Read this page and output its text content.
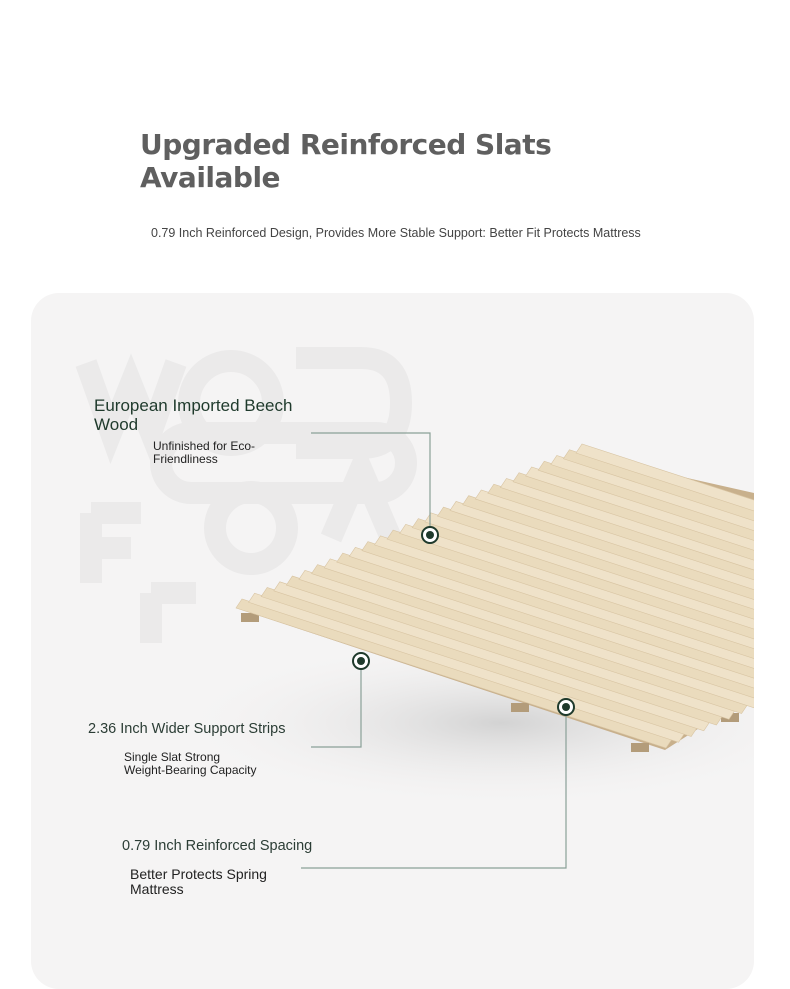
Upgraded Reinforced Slats Available
0.79 Inch Reinforced Design, Provides More Stable Support: Better Fit Protects Mattress
European Imported Beech Wood
Unfinished for Eco-Friendliness
2.36 Inch Wider Support Strips
Single Slat Strong Weight-Bearing Capacity
0.79 Inch Reinforced Spacing
Better Protects Spring Mattress
